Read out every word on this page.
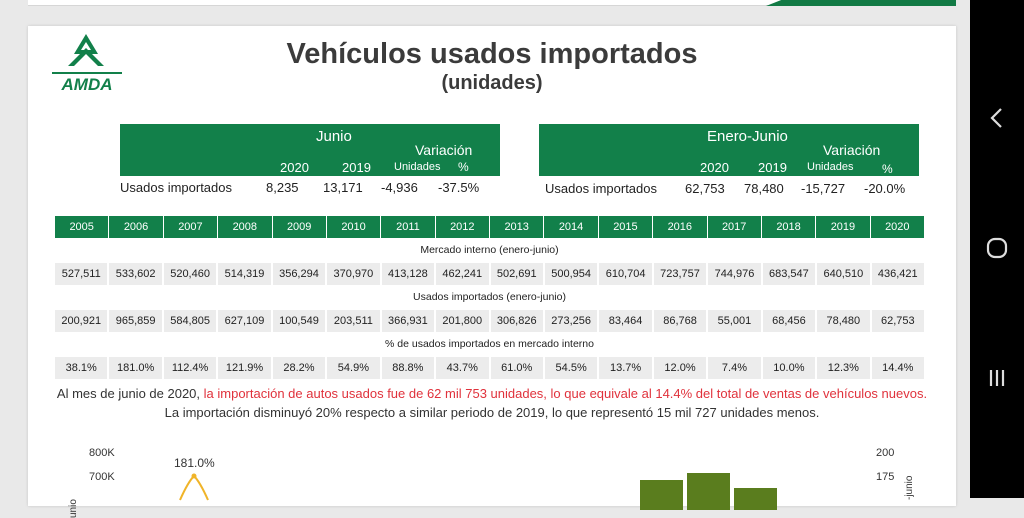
AMDA
Vehículos usados importados
(unidades)
Junio
Variación
2020	2019 Unidades %
Usados importados	8,235 13,171 -4,936 -37.5%
Enero-Junio
Variación
2020 2019 Unidades %
Usados importados 62,753 78,480 -15,727 -20.0%
2005	2006	2007	2008	2009	2010	2011	2012	2013	2014	2015	2016	2017	2018	2019	2020
Mercado interno (enero-junio)
527,511	533,602	520,460	514,319	356,294	370,970	413,128	462,241	502,691	500,954	610,704	723,757	744,976	683,547	640,510	436,421
Usados importados (enero-junio)
200,921	965,859	584,805	627,109	100,549	203,511	366,931	201,800	306,826	273,256	83,464	86,768	55,001	68,456	78,480	62,753
% de usados importados en mercado interno
38.1%	181.0%	112.4%	121.9%	28.2%	54.9%	88.8%	43.7%	61.0%	54.5%	13.7%	12.0%	7.4%	10.0%	12.3%	14.4%
Al mes de junio de 2020, la importación de autos usados fue de 62 mil 753 unidades, lo que equivale al 14.4% del total de ventas de vehículos nuevos.
La importación disminuyó 20% respecto a similar periodo de 2019, lo que representó 15 mil 727 unidades menos.
800K
700K

unio
181.0%
200
175 -junio
